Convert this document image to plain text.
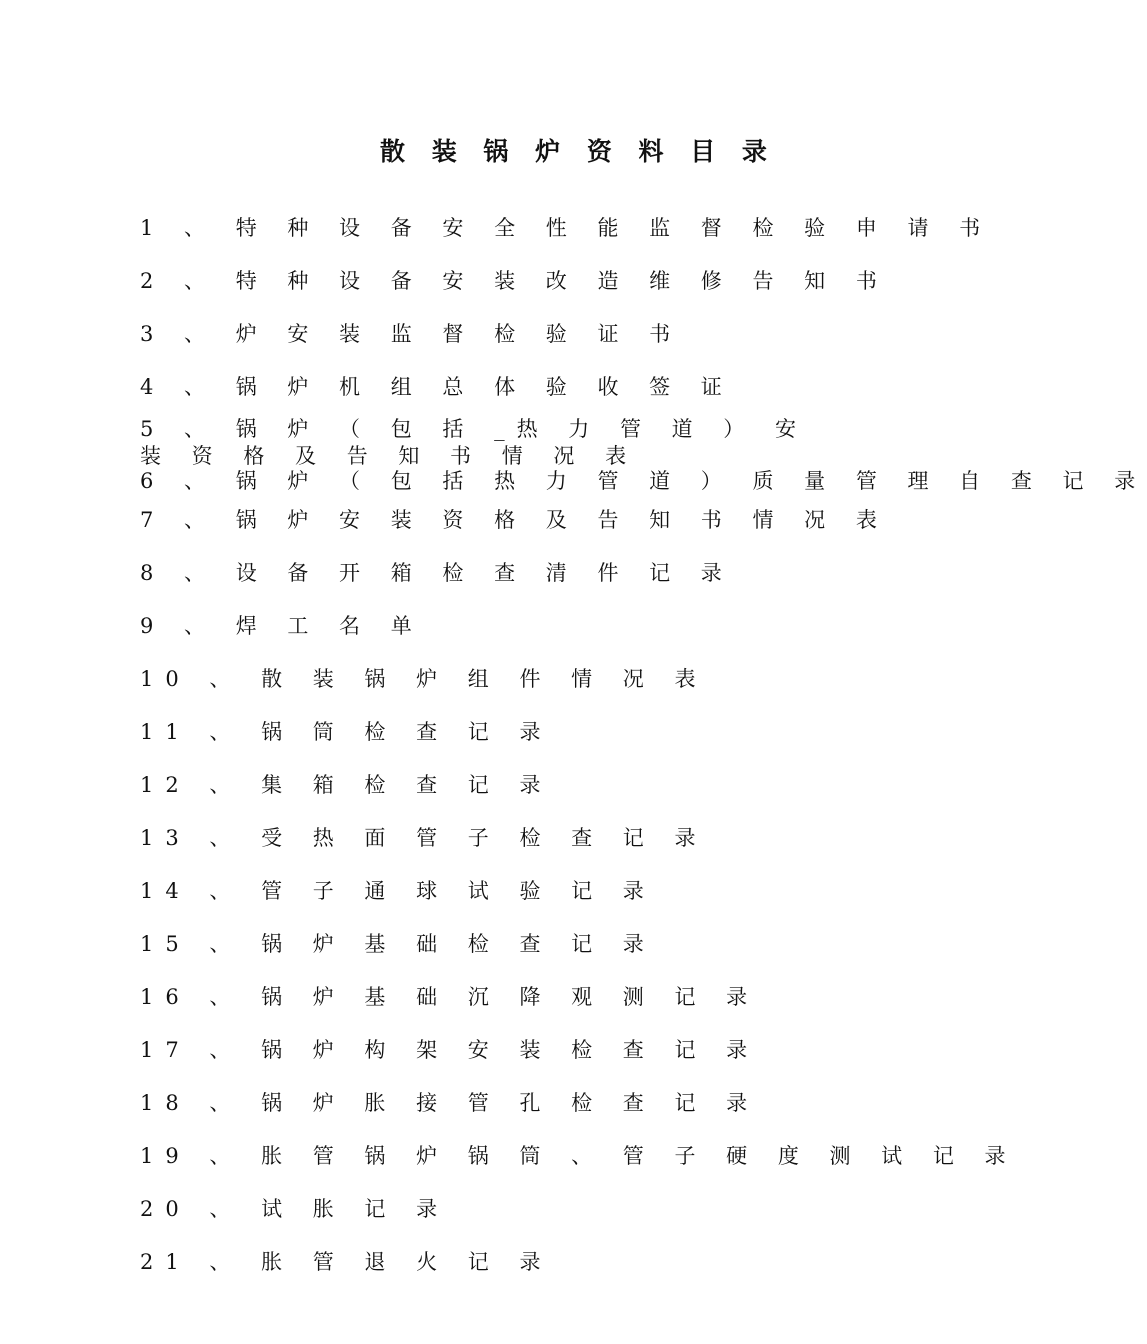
散 装 锅 炉 资 料 目 录
1 、 特 种 设 备 安 全 性 能 监 督 检 验 申 请 书
2 、 特 种 设 备 安 装 改 造 维 修 告 知 书
3 、 炉 安 装 监 督 检 验 证 书
4 、 锅 炉 机 组 总 体 验 收 签 证
5 、 锅 炉 （ 包 括 _热 力 管 道 ） 安 装 资 格 及 告 知 书 情 况 表
6 、 锅 炉 （ 包 括 热 力 管 道 ） 质 量 管 理 自 查 记 录
7 、 锅 炉 安 装 资 格 及 告 知 书 情 况 表
8 、 设 备 开 箱 检 查 清 件 记 录
9 、 焊 工 名 单
10 、 散 装 锅 炉 组 件 情 况 表
11 、 锅 筒 检 查 记 录
12 、 集 箱 检 查 记 录
13 、 受 热 面 管 子 检 查 记 录
14 、 管 子 通 球 试 验 记 录
15 、 锅 炉 基 础 检 查 记 录
16 、 锅 炉 基 础 沉 降 观 测 记 录
17 、 锅 炉 构 架 安 装 检 查 记 录
18 、 锅 炉 胀 接 管 孔 检 查 记 录
19 、 胀 管 锅 炉 锅 筒 、 管 子 硬 度 测 试 记 录
20 、 试 胀 记 录
21 、 胀 管 退 火 记 录
